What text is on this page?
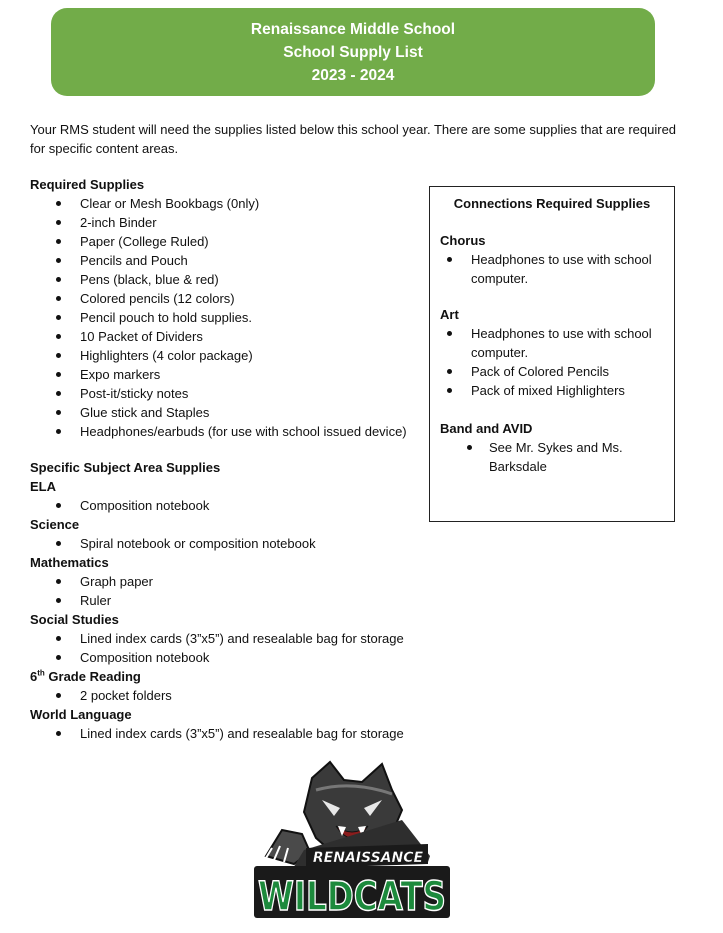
Renaissance Middle School
School Supply List
2023 - 2024
Your RMS student will need the supplies listed below this school year. There are some supplies that are required for specific content areas.
Required Supplies
Clear or Mesh Bookbags (0nly)
2-inch Binder
Paper (College Ruled)
Pencils and Pouch
Pens (black, blue & red)
Colored pencils (12 colors)
Pencil pouch to hold supplies.
10 Packet of Dividers
Highlighters (4 color package)
Expo markers
Post-it/sticky notes
Glue stick and Staples
Headphones/earbuds (for use with school issued device)
Specific Subject Area Supplies
ELA
Composition notebook
Science
Spiral notebook or composition notebook
Mathematics
Graph paper
Ruler
Social Studies
Lined index cards (3”x5”) and resealable bag for storage
Composition notebook
6th Grade Reading
2 pocket folders
World Language
Lined index cards (3”x5”) and resealable bag for storage
Connections Required Supplies
Chorus
Headphones to use with school computer.
Art
Headphones to use with school computer.
Pack of Colored Pencils
Pack of mixed Highlighters
Band and AVID
See Mr. Sykes and Ms. Barksdale
RENAISSANCE
WILDCATS
